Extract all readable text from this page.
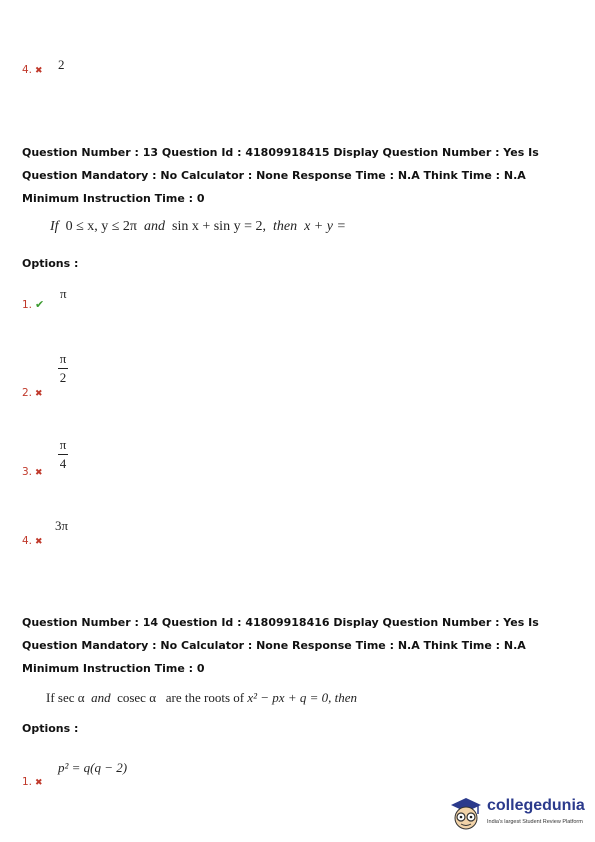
4. ✖ 2
Question Number : 13 Question Id : 41809918415 Display Question Number : Yes Is Question Mandatory : No Calculator : None Response Time : N.A Think Time : N.A Minimum Instruction Time : 0
If 0 ≤ x, y ≤ 2π and sin x + sin y = 2, then x + y =
Options :
1. ✔
π
2. ✖
π
2
3. ✖
π
4
4. ✖
3π
Question Number : 14 Question Id : 41809918416 Display Question Number : Yes Is Question Mandatory : No Calculator : None Response Time : N.A Think Time : N.A Minimum Instruction Time : 0
If sec α and cosec α are the roots of x² − px + q = 0, then
Options :
1. ✖
p² = q(q − 2)
collegedunia
India's largest Student Review Platform
